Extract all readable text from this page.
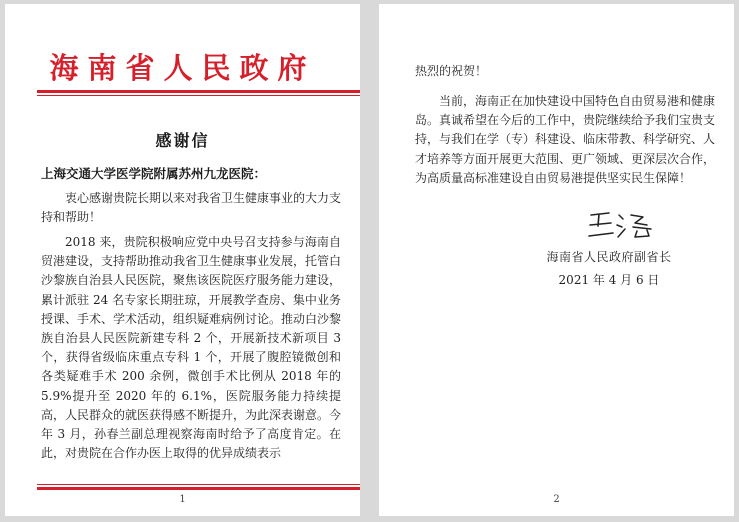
海南省人民政府
感谢信
上海交通大学医学院附属苏州九龙医院：
衷心感谢贵院长期以来对我省卫生健康事业的大力支持和帮助！
2018 来，贵院积极响应党中央号召支持参与海南自贸港建设，支持帮助推动我省卫生健康事业发展，托管白沙黎族自治县人民医院，聚焦该医院医疗服务能力建设，累计派驻 24 名专家长期驻琼，开展教学查房、集中业务授课、手术、学术活动，组织疑难病例讨论。推动白沙黎族自治县人民医院新建专科 2 个，开展新技术新项目 3 个，获得省级临床重点专科 1 个，开展了腹腔镜微创和各类疑难手术 200 余例，微创手术比例从 2018 年的 5.9%提升至 2020 年的 6.1%，医院服务能力持续提高，人民群众的就医获得感不断提升，为此深表谢意。今年 3 月，孙春兰副总理视察海南时给予了高度肯定。在此，对贵院在合作办医上取得的优异成绩表示
1
热烈的祝贺！
当前，海南正在加快建设中国特色自由贸易港和健康岛。真诚希望在今后的工作中，贵院继续给予我们宝贵支持，与我们在学（专）科建设、临床带教、科学研究、人才培养等方面开展更大范围、更广领域、更深层次合作，为高质量高标准建设自由贸易港提供坚实民生保障！
海南省人民政府副省长
2021 年 4 月 6 日
2
